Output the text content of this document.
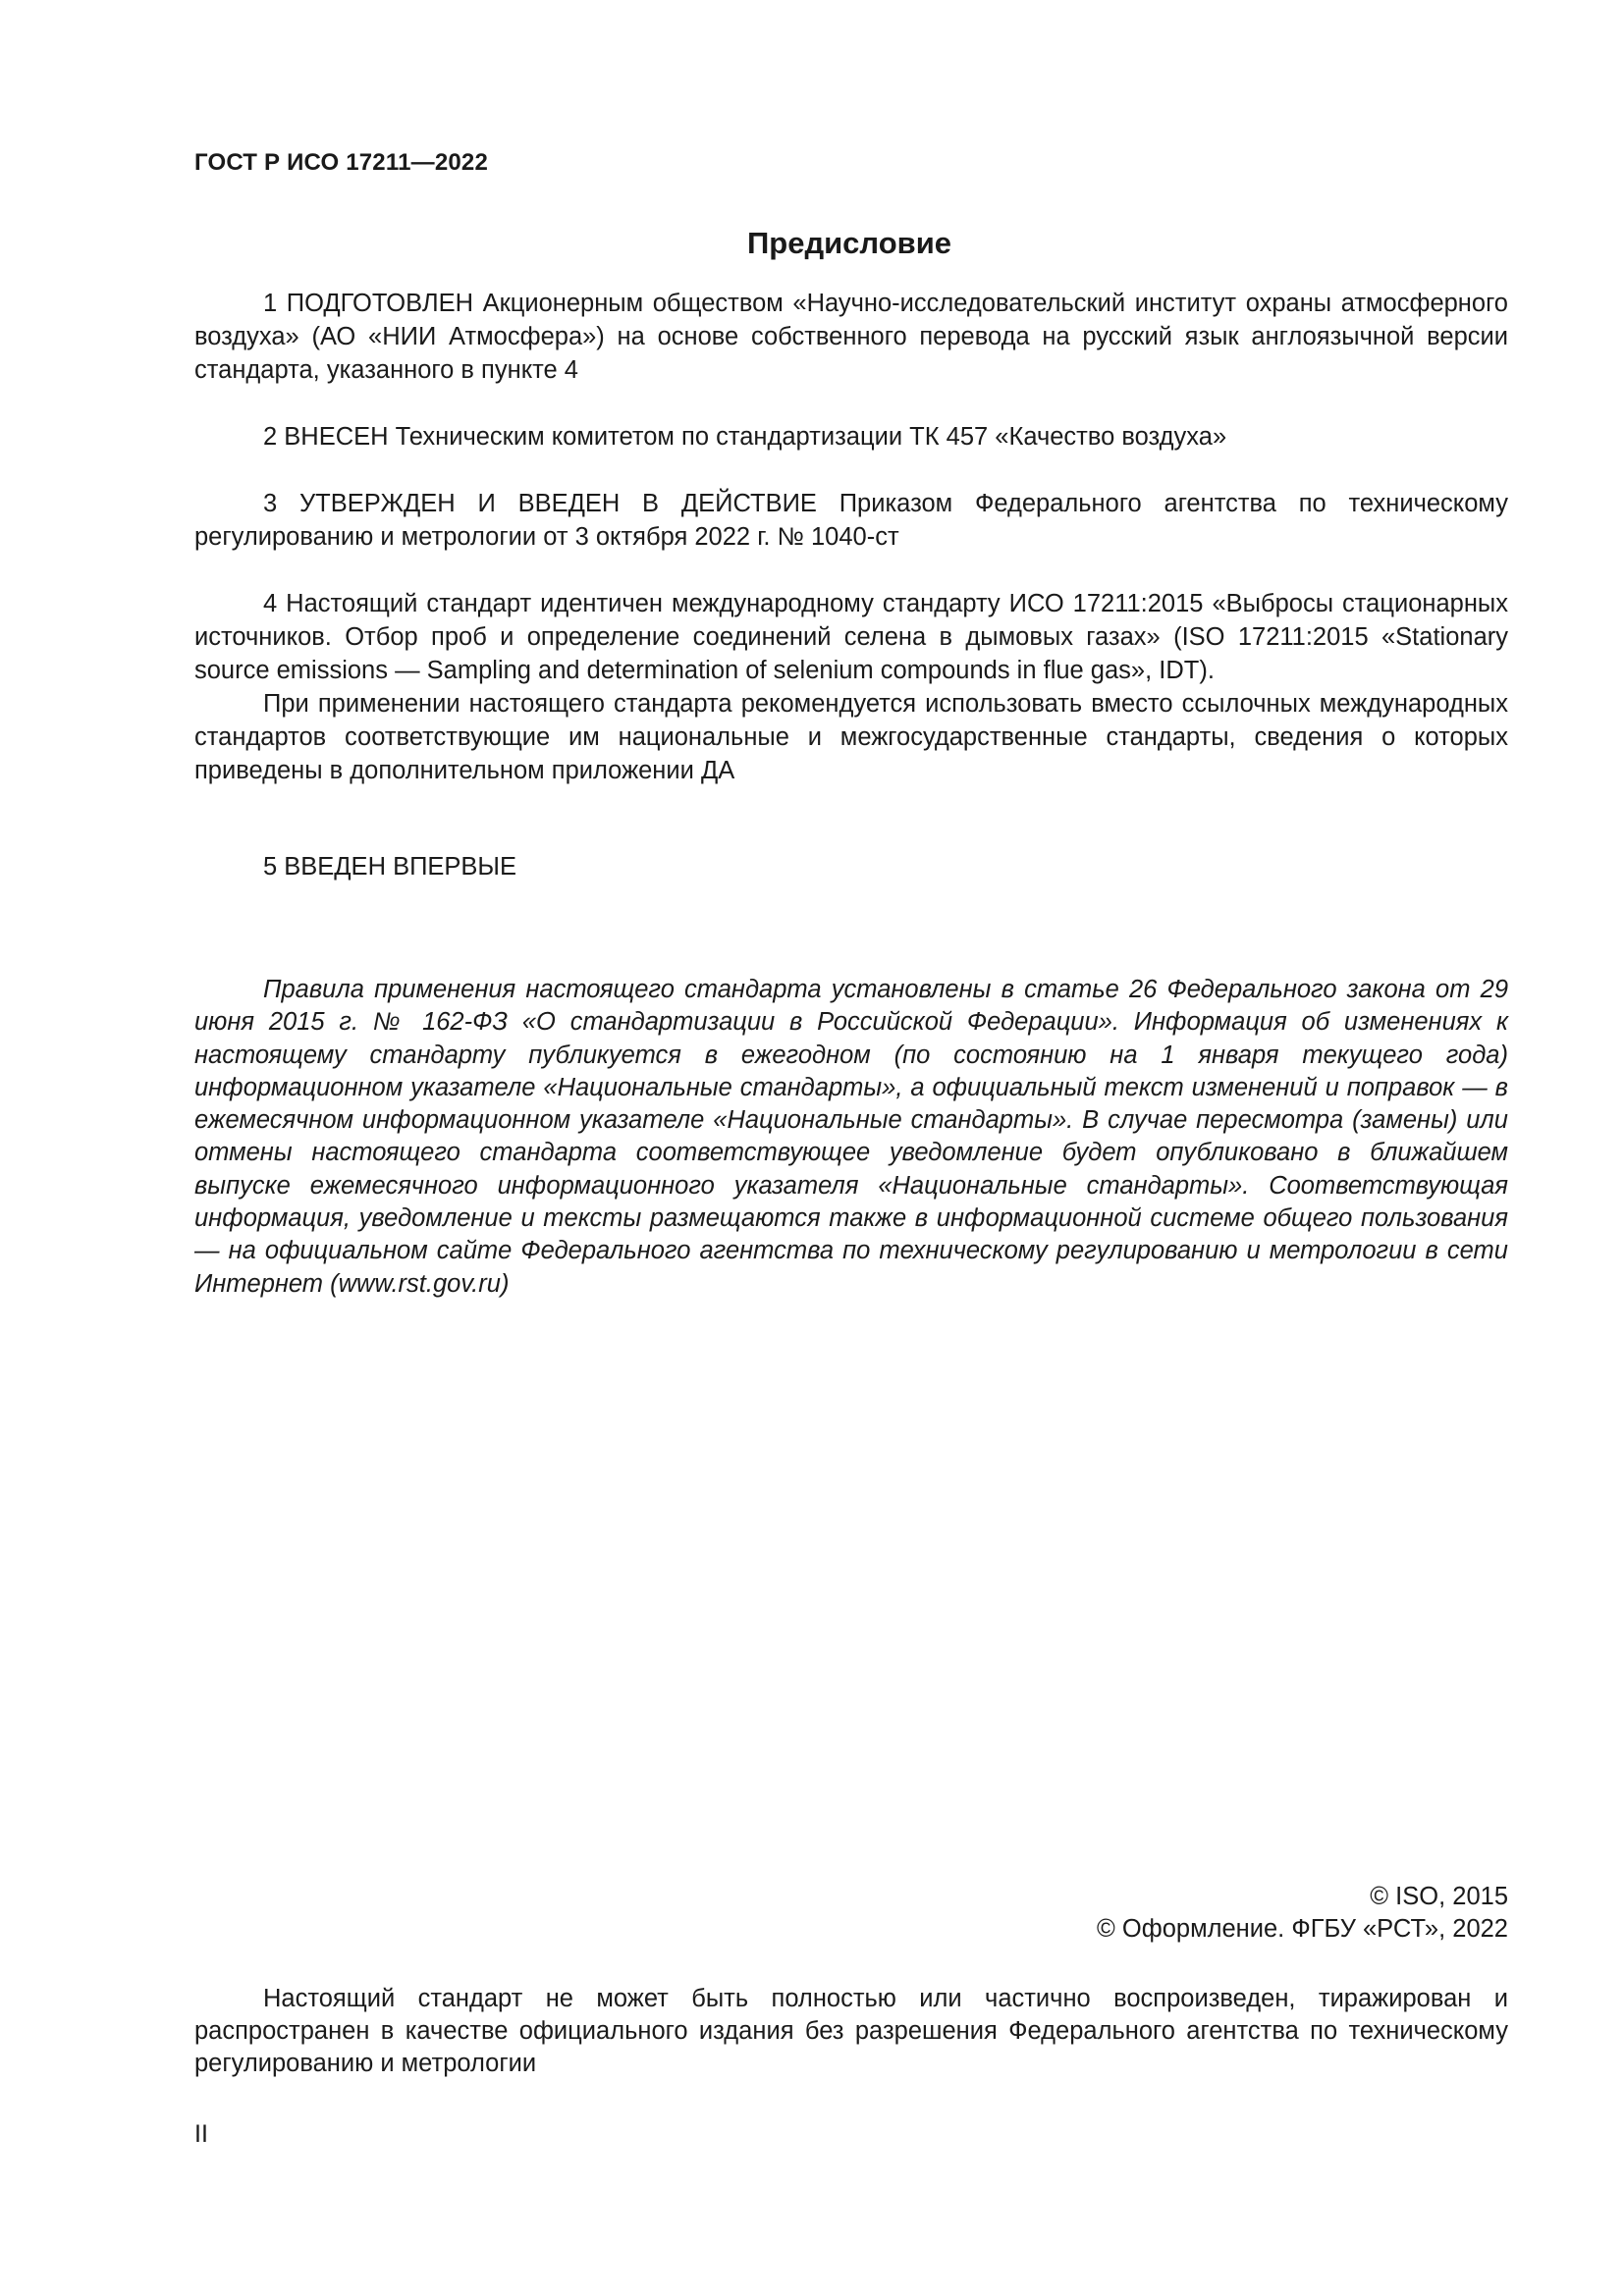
ГОСТ Р ИСО 17211—2022
Предисловие

1 ПОДГОТОВЛЕН Акционерным обществом «Научно-исследовательский институт охраны атмосферного воздуха» (АО «НИИ Атмосфера») на основе собственного перевода на русский язык англоязычной версии стандарта, указанного в пункте 4

2 ВНЕСЕН Техническим комитетом по стандартизации ТК 457 «Качество воздуха»

3 УТВЕРЖДЕН И ВВЕДЕН В ДЕЙСТВИЕ Приказом Федерального агентства по техническому регулированию и метрологии от 3 октября 2022 г. № 1040-ст

4 Настоящий стандарт идентичен международному стандарту ИСО 17211:2015 «Выбросы стационарных источников. Отбор проб и определение соединений селена в дымовых газах» (ISO 17211:2015 «Stationary source emissions — Sampling and determination of selenium compounds in flue gas», IDT).

При применении настоящего стандарта рекомендуется использовать вместо ссылочных международных стандартов соответствующие им национальные и межгосударственные стандарты, сведения о которых приведены в дополнительном приложении ДА

5 ВВЕДЕН ВПЕРВЫЕ

Правила применения настоящего стандарта установлены в статье 26 Федерального закона от 29 июня 2015 г. № 162-ФЗ «О стандартизации в Российской Федерации». Информация об изменениях к настоящему стандарту публикуется в ежегодном (по состоянию на 1 января текущего года) информационном указателе «Национальные стандарты», а официальный текст изменений и поправок — в ежемесячном информационном указателе «Национальные стандарты». В случае пересмотра (замены) или отмены настоящего стандарта соответствующее уведомление будет опубликовано в ближайшем выпуске ежемесячного информационного указателя «Национальные стандарты». Соответствующая информация, уведомление и тексты размещаются также в информационной системе общего пользования — на официальном сайте Федерального агентства по техническому регулированию и метрологии в сети Интернет (www.rst.gov.ru)

© ISO, 2015
© Оформление. ФГБУ «РСТ», 2022

Настоящий стандарт не может быть полностью или частично воспроизведен, тиражирован и распространен в качестве официального издания без разрешения Федерального агентства по техническому регулированию и метрологии

II
